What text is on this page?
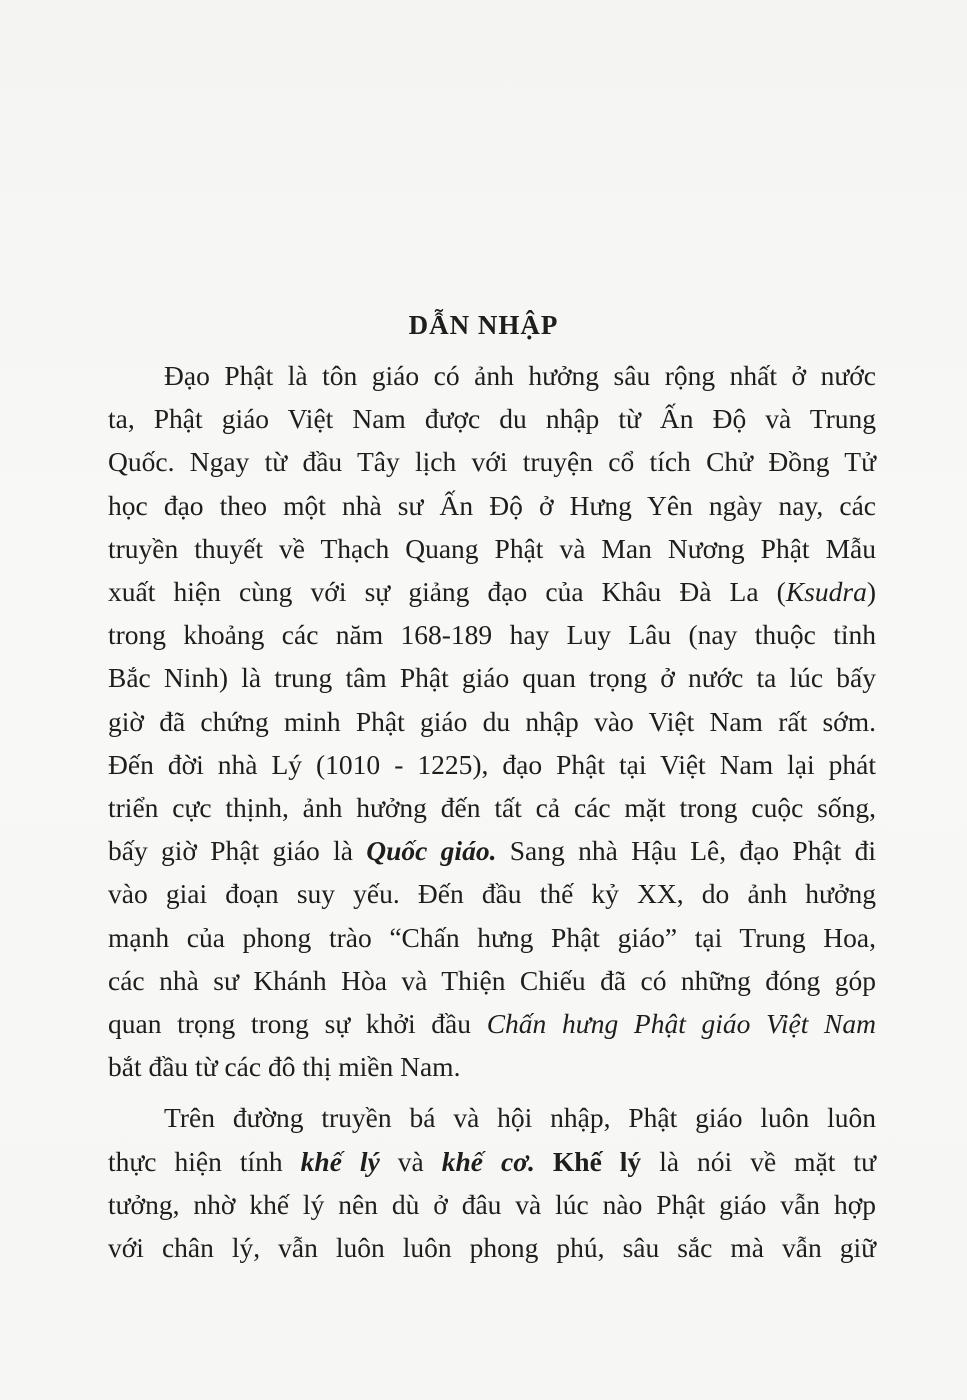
DẪN NHẬP
Đạo Phật là tôn giáo có ảnh hưởng sâu rộng nhất ở nước
ta, Phật giáo Việt Nam được du nhập từ Ấn Độ và Trung
Quốc. Ngay từ đầu Tây lịch với truyện cổ tích Chử Đồng Tử
học đạo theo một nhà sư Ấn Độ ở Hưng Yên ngày nay, các
truyền thuyết về Thạch Quang Phật và Man Nương Phật Mẫu
xuất hiện cùng với sự giảng đạo của Khâu Đà La (Ksudra)
trong khoảng các năm 168-189 hay Luy Lâu (nay thuộc tỉnh
Bắc Ninh) là trung tâm Phật giáo quan trọng ở nước ta lúc bấy
giờ đã chứng minh Phật giáo du nhập vào Việt Nam rất sớm.
Đến đời nhà Lý (1010 - 1225), đạo Phật tại Việt Nam lại phát
triển cực thịnh, ảnh hưởng đến tất cả các mặt trong cuộc sống,
bấy giờ Phật giáo là Quốc giáo. Sang nhà Hậu Lê, đạo Phật đi
vào giai đoạn suy yếu. Đến đầu thế kỷ XX, do ảnh hưởng
mạnh của phong trào “Chấn hưng Phật giáo” tại Trung Hoa,
các nhà sư Khánh Hòa và Thiện Chiếu đã có những đóng góp
quan trọng trong sự khởi đầu Chấn hưng Phật giáo Việt Nam
bắt đầu từ các đô thị miền Nam.
Trên đường truyền bá và hội nhập, Phật giáo luôn luôn
thực hiện tính khế lý và khế cơ. Khế lý là nói về mặt tư
tưởng, nhờ khế lý nên dù ở đâu và lúc nào Phật giáo vẫn hợp
với chân lý, vẫn luôn luôn phong phú, sâu sắc mà vẫn giữ
